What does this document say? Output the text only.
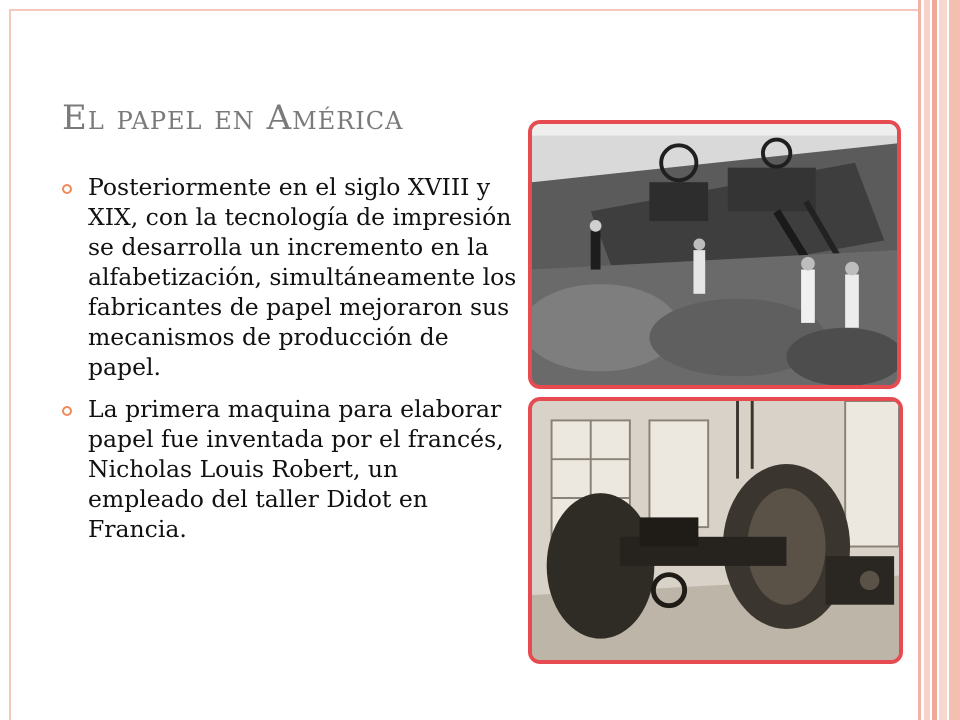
El papel en América
Posteriormente en el siglo XVIII y XIX, con la tecnología de impresión se desarrolla un incremento en la alfabetización, simultáneamente los fabricantes de papel mejoraron sus mecanismos de producción de papel.
La primera maquina para elaborar papel fue inventada por el francés, Nicholas Louis Robert, un empleado del taller Didot en Francia.
